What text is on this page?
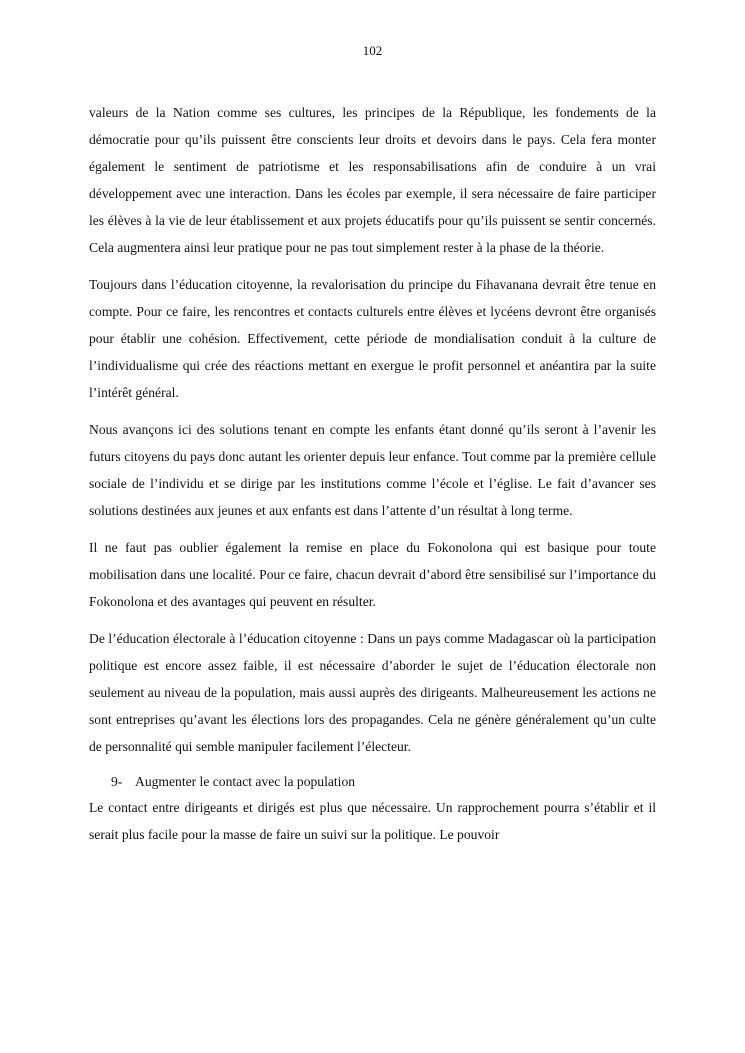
102

valeurs de la Nation comme ses cultures, les principes de la République, les fondements de la démocratie pour qu’ils puissent être conscients leur droits et devoirs dans le pays. Cela fera monter également le sentiment de patriotisme et les responsabilisations afin de conduire à un vrai développement avec une interaction. Dans les écoles par exemple, il sera nécessaire de faire participer les élèves à la vie de leur établissement et aux projets éducatifs pour qu’ils puissent se sentir concernés. Cela augmentera ainsi leur pratique pour ne pas tout simplement rester à la phase de la théorie.

Toujours dans l’éducation citoyenne, la revalorisation du principe du Fihavanana devrait être tenue en compte. Pour ce faire, les rencontres et contacts culturels entre élèves et lycéens devront être organisés pour établir une cohésion. Effectivement, cette période de mondialisation conduit à la culture de l’individualisme qui crée des réactions mettant en exergue le profit personnel et anéantira par la suite l’intérêt général.

Nous avançons ici des solutions tenant en compte les enfants étant donné qu’ils seront à l’avenir les futurs citoyens du pays donc autant les orienter depuis leur enfance. Tout comme par la première cellule sociale de l’individu et se dirige par les institutions comme l’école et l’église. Le fait d’avancer ses solutions destinées aux jeunes et aux enfants est dans l’attente d’un résultat à long terme.

Il ne faut pas oublier également la remise en place du Fokonolona qui est basique pour toute mobilisation dans une localité. Pour ce faire, chacun devrait d’abord être sensibilisé sur l’importance du Fokonolona et des avantages qui peuvent en résulter.

De l’éducation électorale à l’éducation citoyenne : Dans un pays comme Madagascar où la participation politique est encore assez faible, il est nécessaire d’aborder le sujet de l’éducation électorale non seulement au niveau de la population, mais aussi auprès des dirigeants. Malheureusement les actions ne sont entreprises qu’avant les élections lors des propagandes. Cela ne génère généralement qu’un culte de personnalité qui semble manipuler facilement l’électeur.

9- Augmenter le contact avec la population

Le contact entre dirigeants et dirigés est plus que nécessaire. Un rapprochement pourra s’établir et il serait plus facile pour la masse de faire un suivi sur la politique. Le pouvoir
